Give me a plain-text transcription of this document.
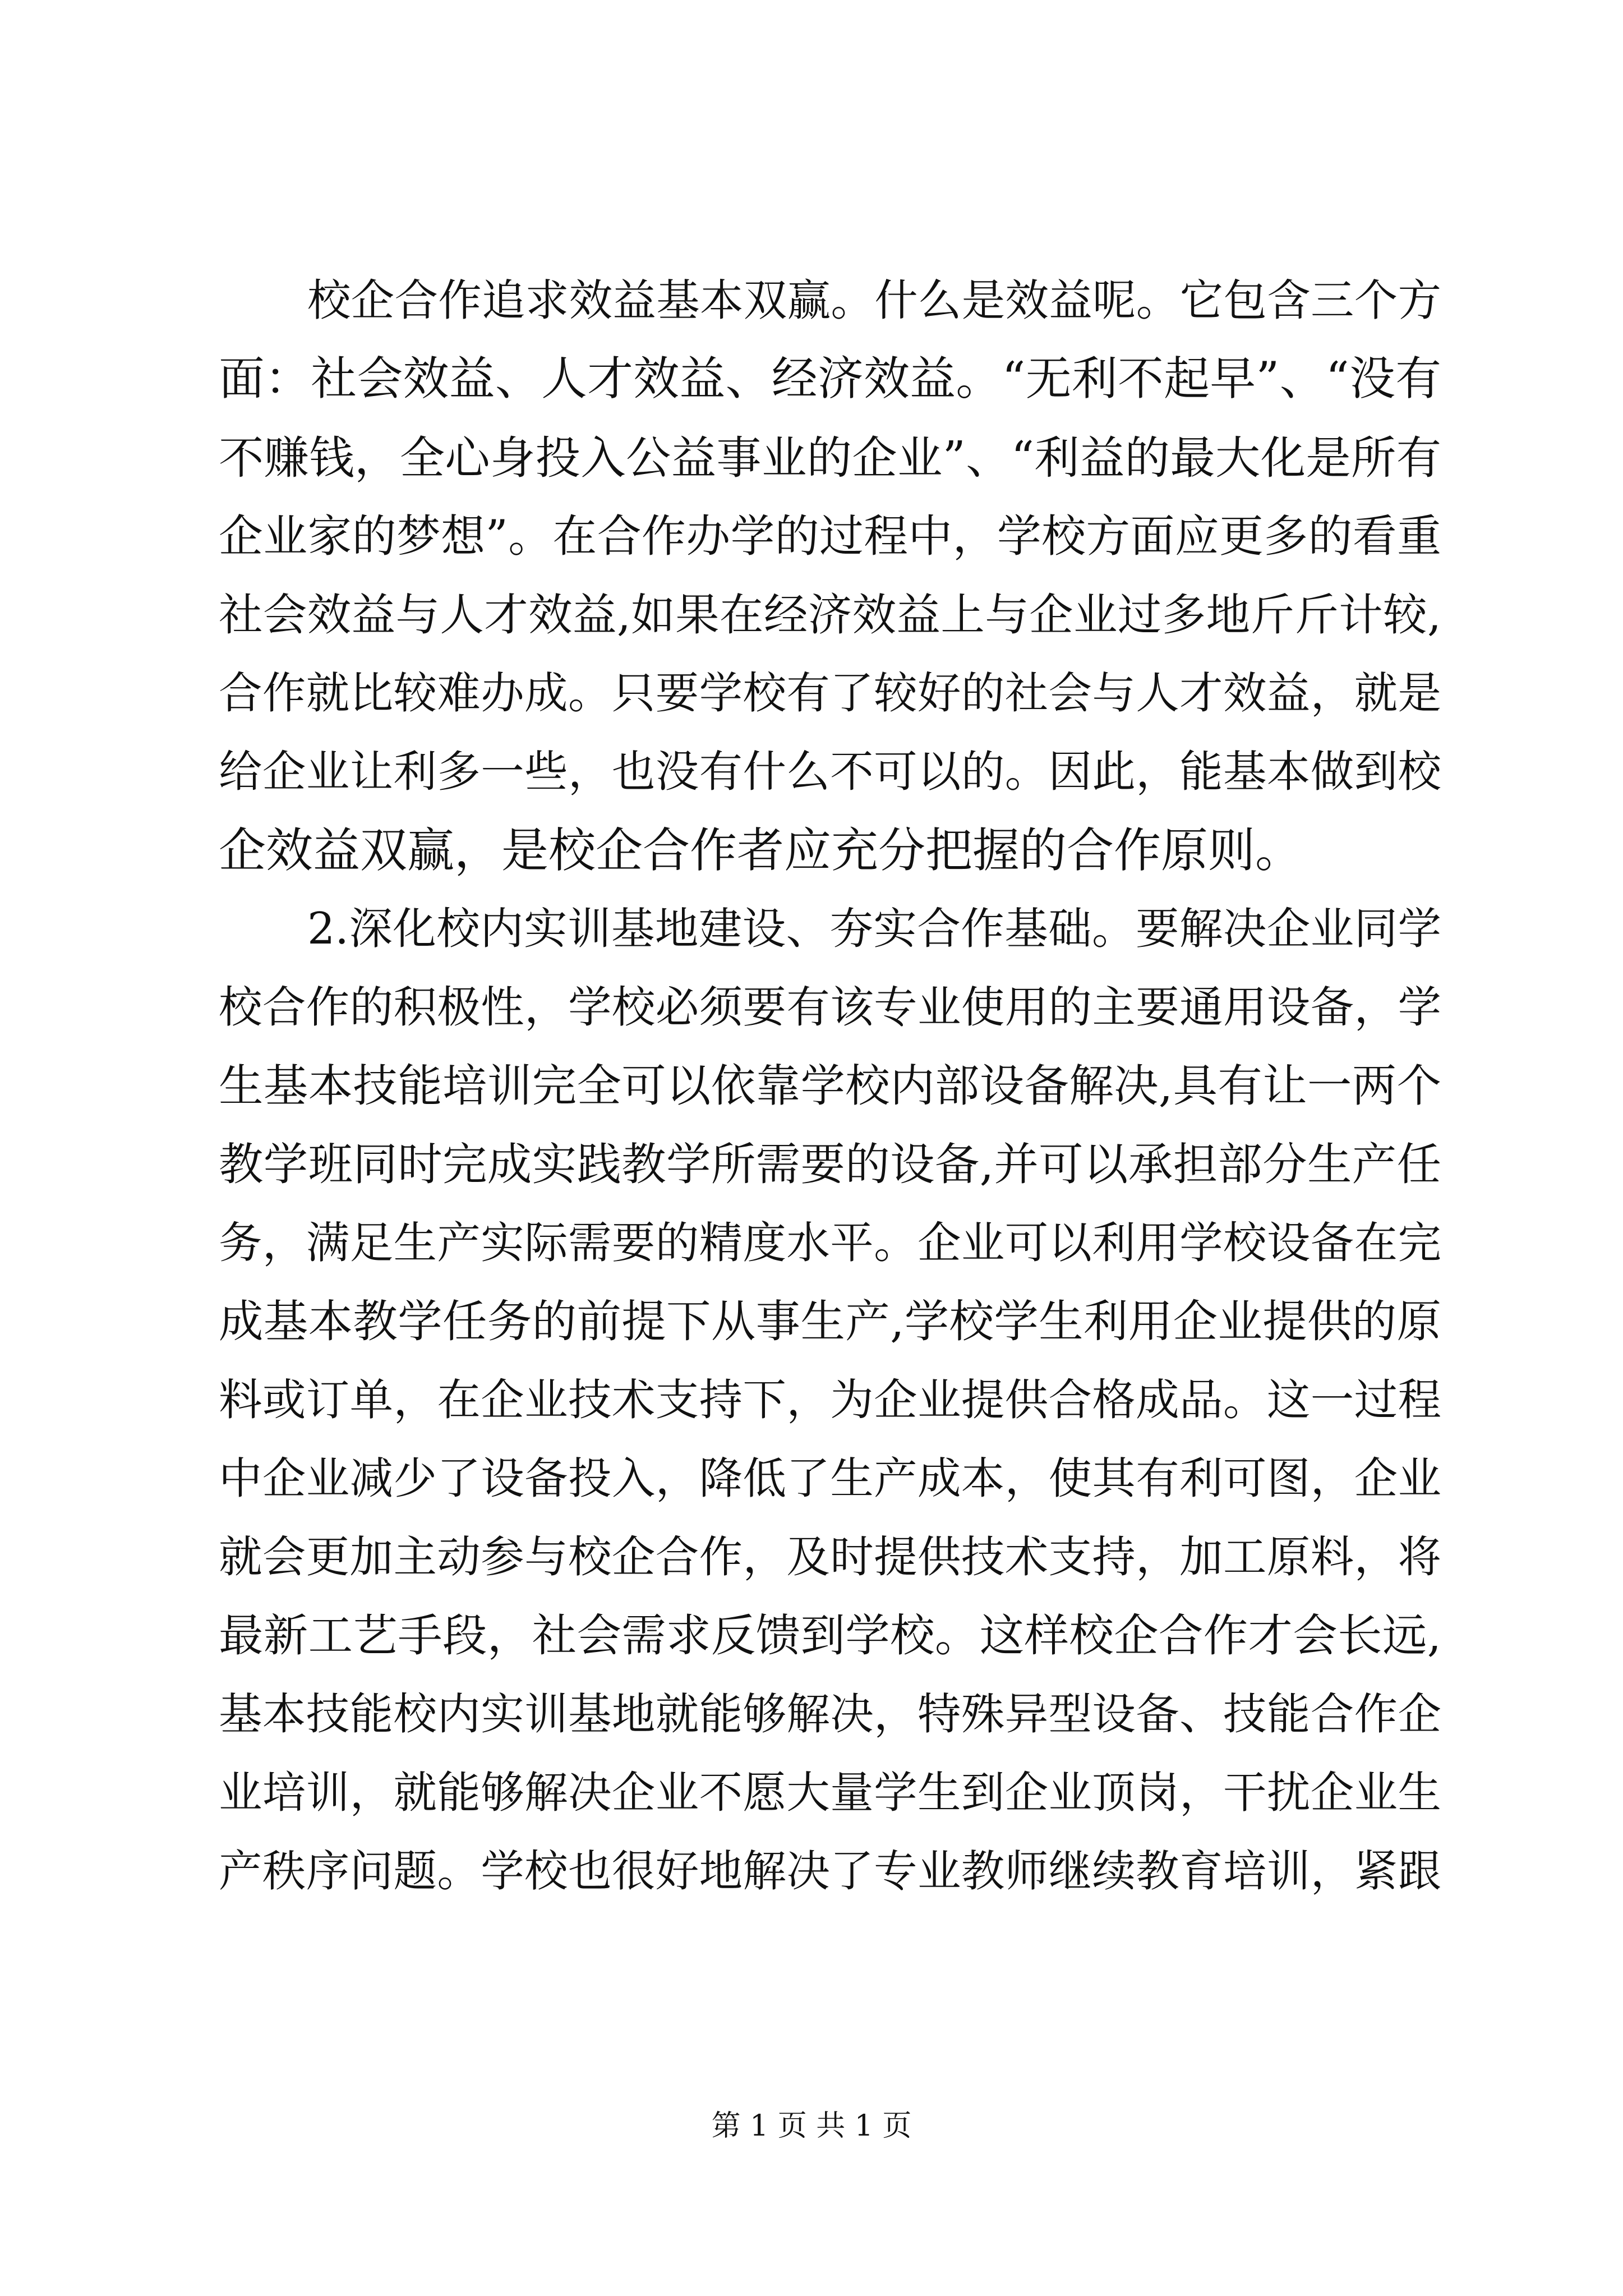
校企合作追求效益基本双赢。什么是效益呢。它包含三个方
面：社会效益、人才效益、经济效益。“无利不起早”、“没有
不赚钱，全心身投入公益事业的企业”、“利益的最大化是所有
企业家的梦想”。在合作办学的过程中，学校方面应更多的看重
社会效益与人才效益,如果在经济效益上与企业过多地斤斤计较,
合作就比较难办成。只要学校有了较好的社会与人才效益，就是
给企业让利多一些，也没有什么不可以的。因此，能基本做到校
企效益双赢，是校企合作者应充分把握的合作原则。
2.深化校内实训基地建设、夯实合作基础。要解决企业同学
校合作的积极性，学校必须要有该专业使用的主要通用设备，学
生基本技能培训完全可以依靠学校内部设备解决,具有让一两个
教学班同时完成实践教学所需要的设备,并可以承担部分生产任
务，满足生产实际需要的精度水平。企业可以利用学校设备在完
成基本教学任务的前提下从事生产,学校学生利用企业提供的原
料或订单，在企业技术支持下，为企业提供合格成品。这一过程
中企业减少了设备投入，降低了生产成本，使其有利可图，企业
就会更加主动参与校企合作，及时提供技术支持，加工原料，将
最新工艺手段，社会需求反馈到学校。这样校企合作才会长远,
基本技能校内实训基地就能够解决，特殊异型设备、技能合作企
业培训，就能够解决企业不愿大量学生到企业顶岗，干扰企业生
产秩序问题。学校也很好地解决了专业教师继续教育培训，紧跟
第 1 页 共 1 页
